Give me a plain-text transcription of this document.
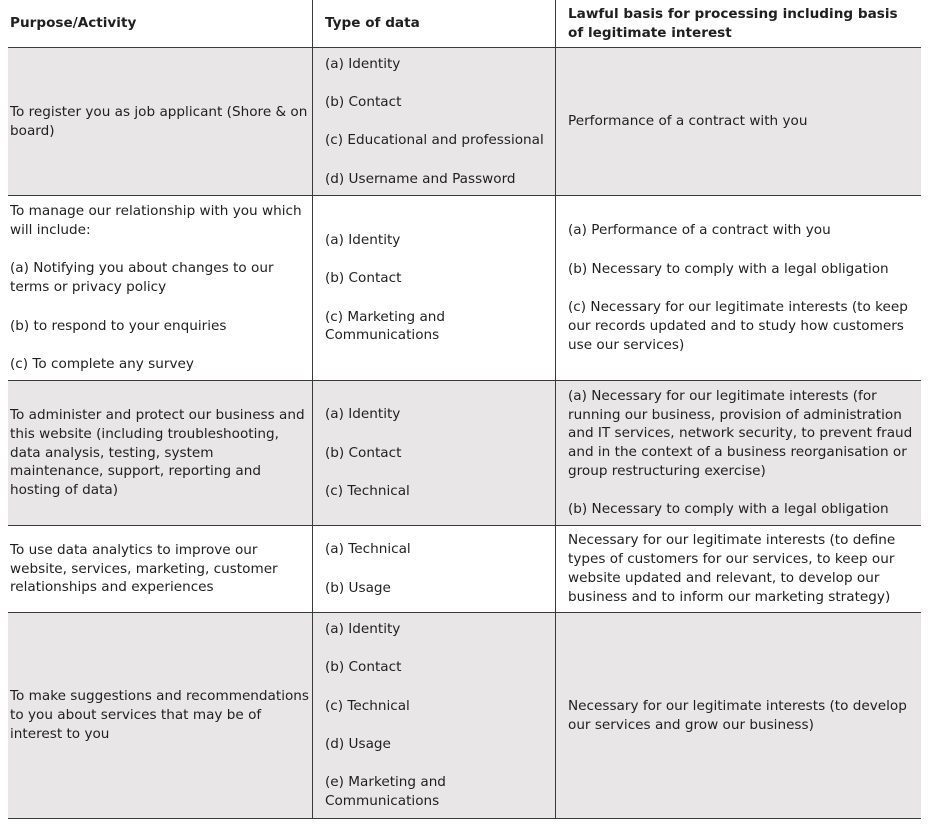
Purpose/Activity	Type of data
Lawful basis for processing including basis of legitimate interest

To register you as job applicant (Shore & on board)

(a) Identity

(b) Contact

(c) Educational and professional

(d) Username and Password

Performance of a contract with you

To manage our relationship with you which will include:

(a) Notifying you about changes to our terms or privacy policy

(b) to respond to your enquiries

(c) To complete any survey

(a) Identity

(b) Contact

(c) Marketing and Communications

(a) Performance of a contract with you

(b) Necessary to comply with a legal obligation

(c) Necessary for our legitimate interests (to keep our records updated and to study how customers use our services)

To administer and protect our business and this website (including troubleshooting, data analysis, testing, system maintenance, support, reporting and hosting of data)

(a) Identity

(b) Contact

(c) Technical

(a) Necessary for our legitimate interests (for running our business, provision of administration and IT services, network security, to prevent fraud and in the context of a business reorganisation or group restructuring exercise)

(b) Necessary to comply with a legal obligation

To use data analytics to improve our website, services, marketing, customer relationships and experiences

(a) Technical

(b) Usage

Necessary for our legitimate interests (to define types of customers for our services, to keep our website updated and relevant, to develop our business and to inform our marketing strategy)

To make suggestions and recommendations to you about services that may be of interest to you

(a) Identity

(b) Contact

(c) Technical

(d) Usage

(e) Marketing and Communications

Necessary for our legitimate interests (to develop our services and grow our business)
